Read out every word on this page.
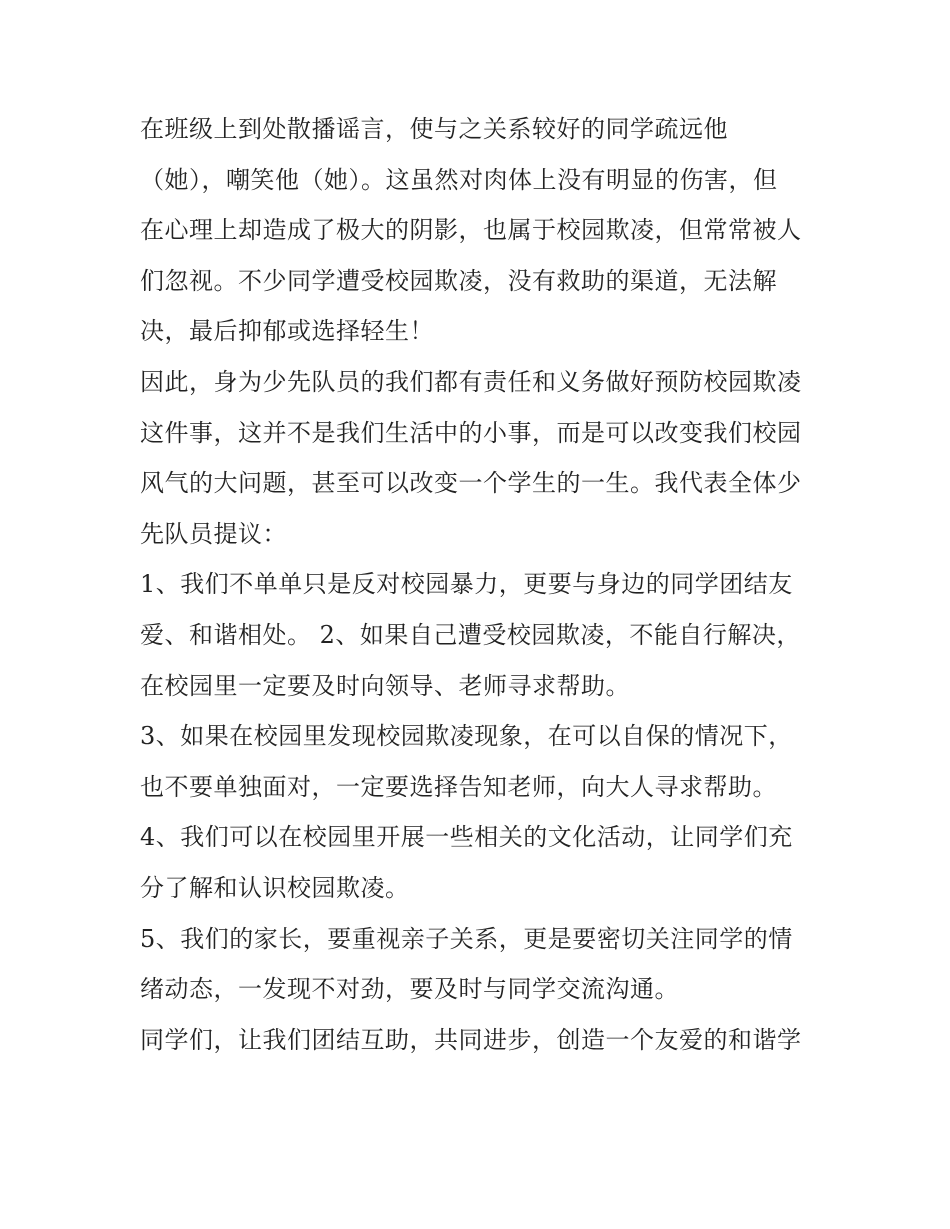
在班级上到处散播谣言，使与之关系较好的同学疏远他
（她），嘲笑他（她）。这虽然对肉体上没有明显的伤害，但
在心理上却造成了极大的阴影，也属于校园欺凌，但常常被人
们忽视。不少同学遭受校园欺凌，没有救助的渠道，无法解
决，最后抑郁或选择轻生！
因此，身为少先队员的我们都有责任和义务做好预防校园欺凌
这件事，这并不是我们生活中的小事，而是可以改变我们校园
风气的大问题，甚至可以改变一个学生的一生。我代表全体少
先队员提议：
1、我们不单单只是反对校园暴力，更要与身边的同学团结友
爱、和谐相处。 2、如果自己遭受校园欺凌，不能自行解决，
在校园里一定要及时向领导、老师寻求帮助。
3、如果在校园里发现校园欺凌现象，在可以自保的情况下，
也不要单独面对，一定要选择告知老师，向大人寻求帮助。
4、我们可以在校园里开展一些相关的文化活动，让同学们充
分了解和认识校园欺凌。
5、我们的家长，要重视亲子关系，更是要密切关注同学的情
绪动态，一发现不对劲，要及时与同学交流沟通。
同学们，让我们团结互助，共同进步，创造一个友爱的和谐学
